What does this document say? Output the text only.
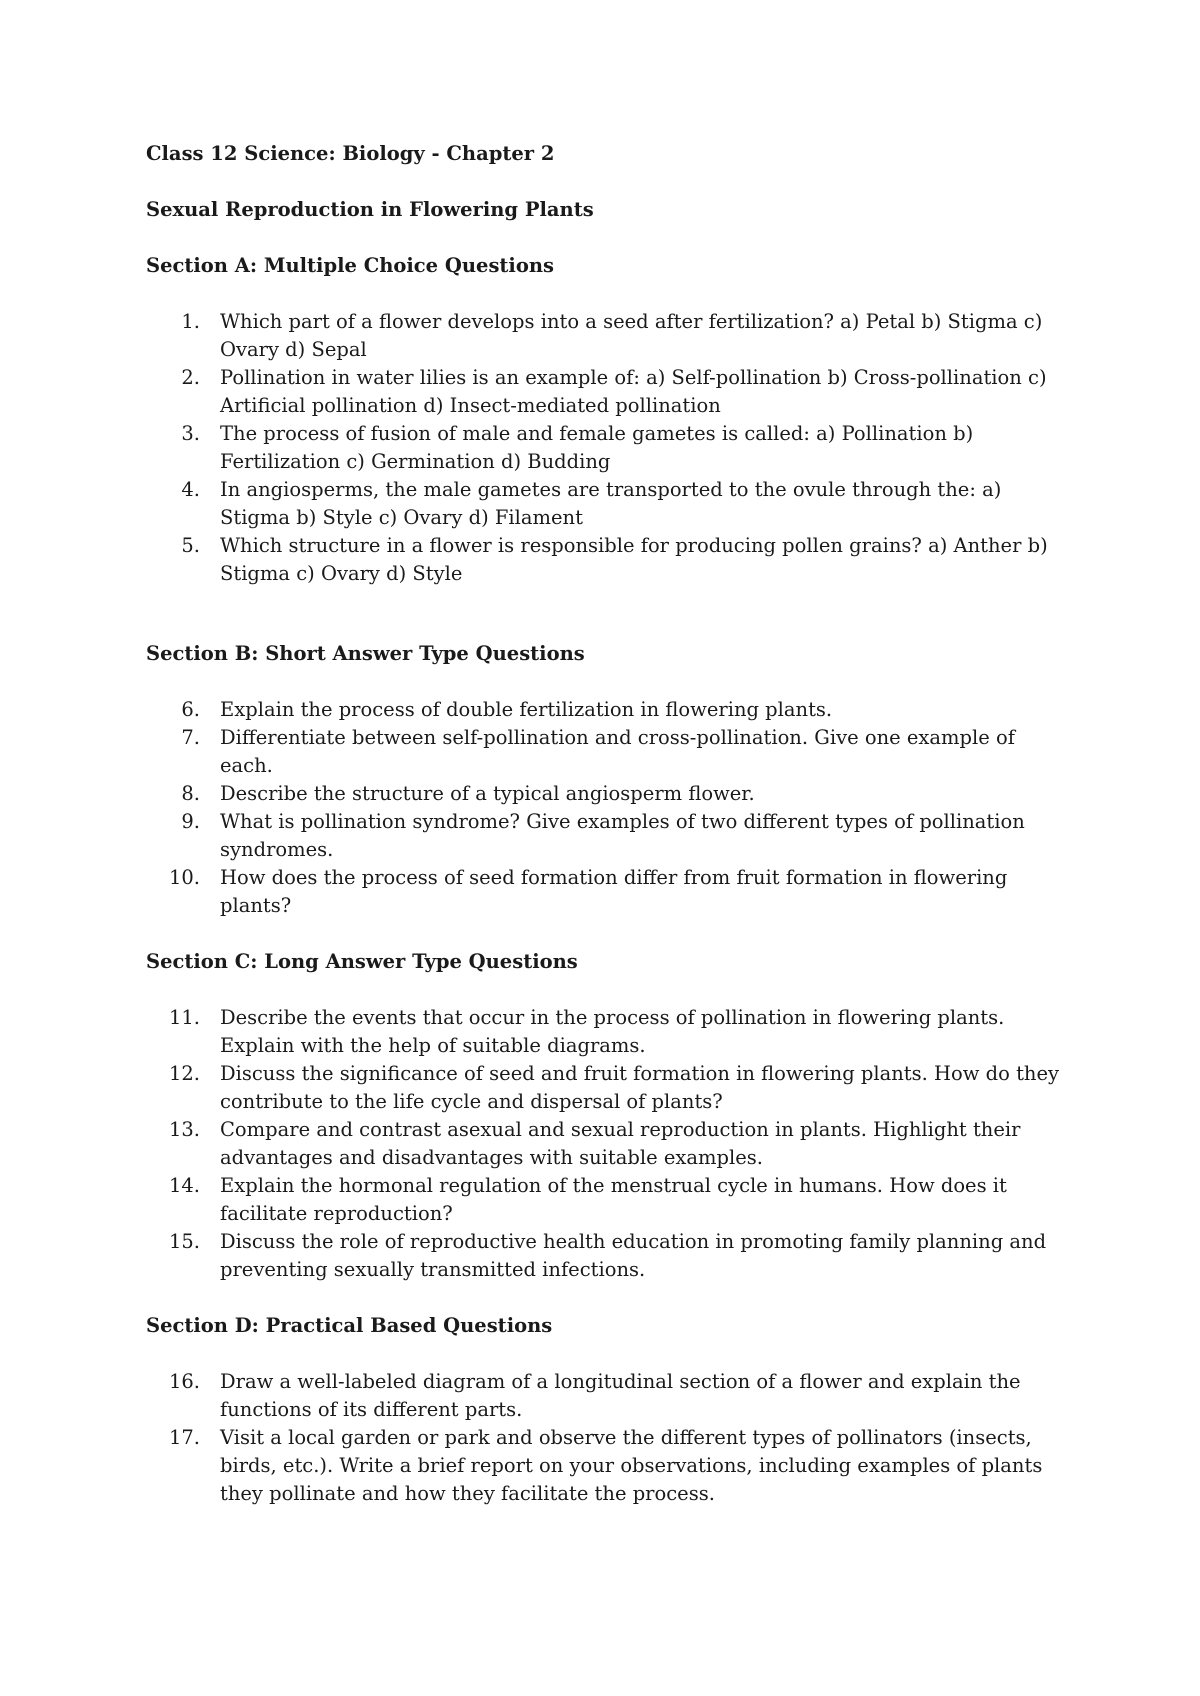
Class 12 Science: Biology - Chapter 2

Sexual Reproduction in Flowering Plants

Section A: Multiple Choice Questions

1. Which part of a flower develops into a seed after fertilization? a) Petal b) Stigma c) Ovary d) Sepal
2. Pollination in water lilies is an example of: a) Self-pollination b) Cross-pollination c) Artificial pollination d) Insect-mediated pollination
3. The process of fusion of male and female gametes is called: a) Pollination b) Fertilization c) Germination d) Budding
4. In angiosperms, the male gametes are transported to the ovule through the: a) Stigma b) Style c) Ovary d) Filament
5. Which structure in a flower is responsible for producing pollen grains? a) Anther b) Stigma c) Ovary d) Style

Section B: Short Answer Type Questions

6. Explain the process of double fertilization in flowering plants.
7. Differentiate between self-pollination and cross-pollination. Give one example of each.
8. Describe the structure of a typical angiosperm flower.
9. What is pollination syndrome? Give examples of two different types of pollination syndromes.
10. How does the process of seed formation differ from fruit formation in flowering plants?

Section C: Long Answer Type Questions

11. Describe the events that occur in the process of pollination in flowering plants. Explain with the help of suitable diagrams.
12. Discuss the significance of seed and fruit formation in flowering plants. How do they contribute to the life cycle and dispersal of plants?
13. Compare and contrast asexual and sexual reproduction in plants. Highlight their advantages and disadvantages with suitable examples.
14. Explain the hormonal regulation of the menstrual cycle in humans. How does it facilitate reproduction?
15. Discuss the role of reproductive health education in promoting family planning and preventing sexually transmitted infections.

Section D: Practical Based Questions

16. Draw a well-labeled diagram of a longitudinal section of a flower and explain the functions of its different parts.
17. Visit a local garden or park and observe the different types of pollinators (insects, birds, etc.). Write a brief report on your observations, including examples of plants they pollinate and how they facilitate the process.
